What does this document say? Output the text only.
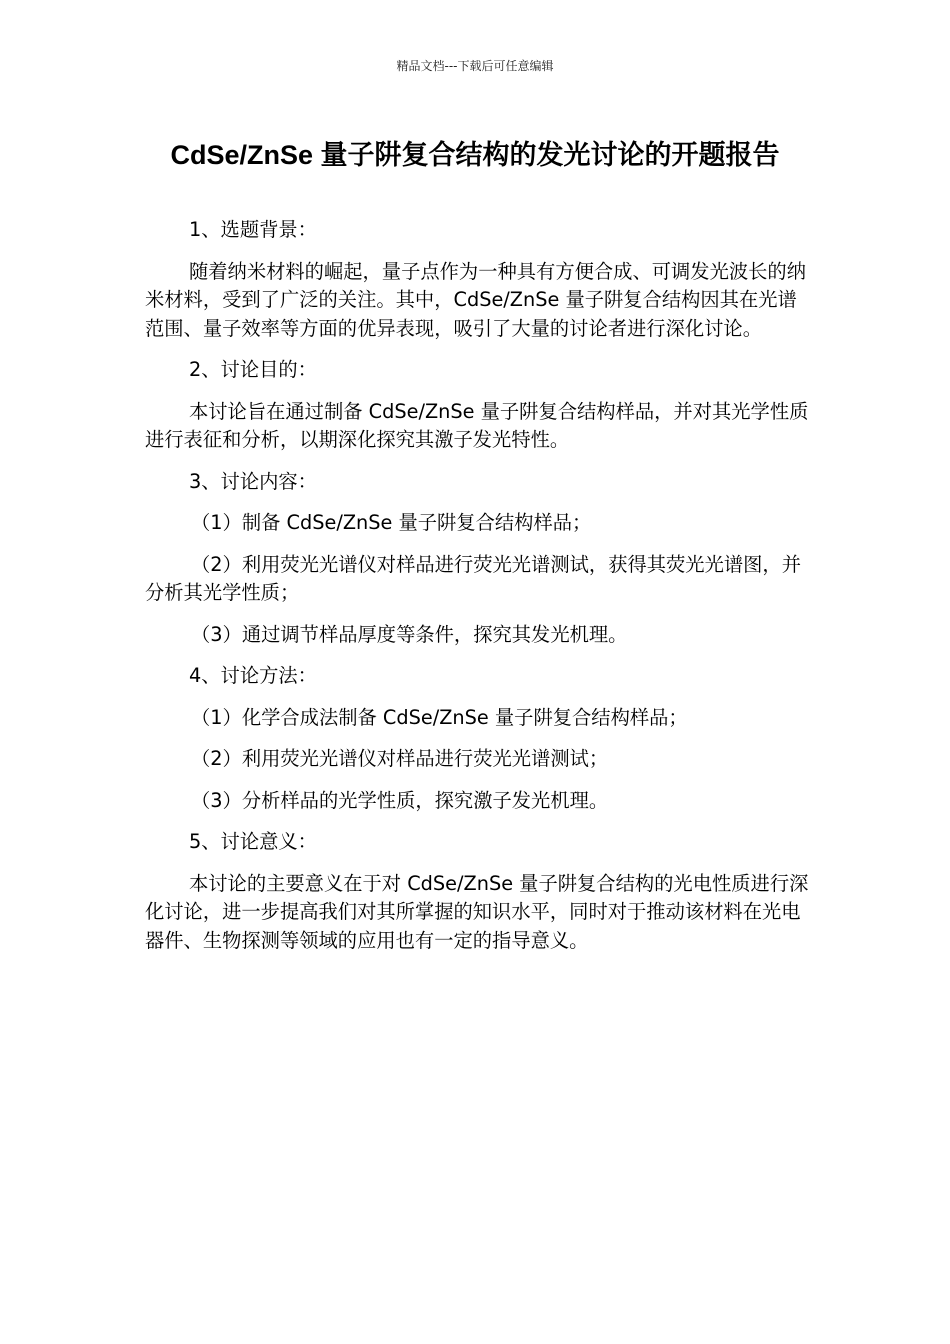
精品文档---下载后可任意编辑
CdSe/ZnSe 量子阱复合结构的发光讨论的开题报告

1、选题背景：

随着纳米材料的崛起，量子点作为一种具有方便合成、可调发光波长的纳米材料，受到了广泛的关注。其中，CdSe/ZnSe 量子阱复合结构因其在光谱范围、量子效率等方面的优异表现，吸引了大量的讨论者进行深化讨论。

2、讨论目的：

本讨论旨在通过制备 CdSe/ZnSe 量子阱复合结构样品，并对其光学性质进行表征和分析，以期深化探究其激子发光特性。

3、讨论内容：

（1）制备 CdSe/ZnSe 量子阱复合结构样品；

（2）利用荧光光谱仪对样品进行荧光光谱测试，获得其荧光光谱图，并分析其光学性质；

（3）通过调节样品厚度等条件，探究其发光机理。

4、讨论方法：

（1）化学合成法制备 CdSe/ZnSe 量子阱复合结构样品；

（2）利用荧光光谱仪对样品进行荧光光谱测试；

（3）分析样品的光学性质，探究激子发光机理。

5、讨论意义：

本讨论的主要意义在于对 CdSe/ZnSe 量子阱复合结构的光电性质进行深化讨论，进一步提高我们对其所掌握的知识水平，同时对于推动该材料在光电器件、生物探测等领域的应用也有一定的指导意义。
